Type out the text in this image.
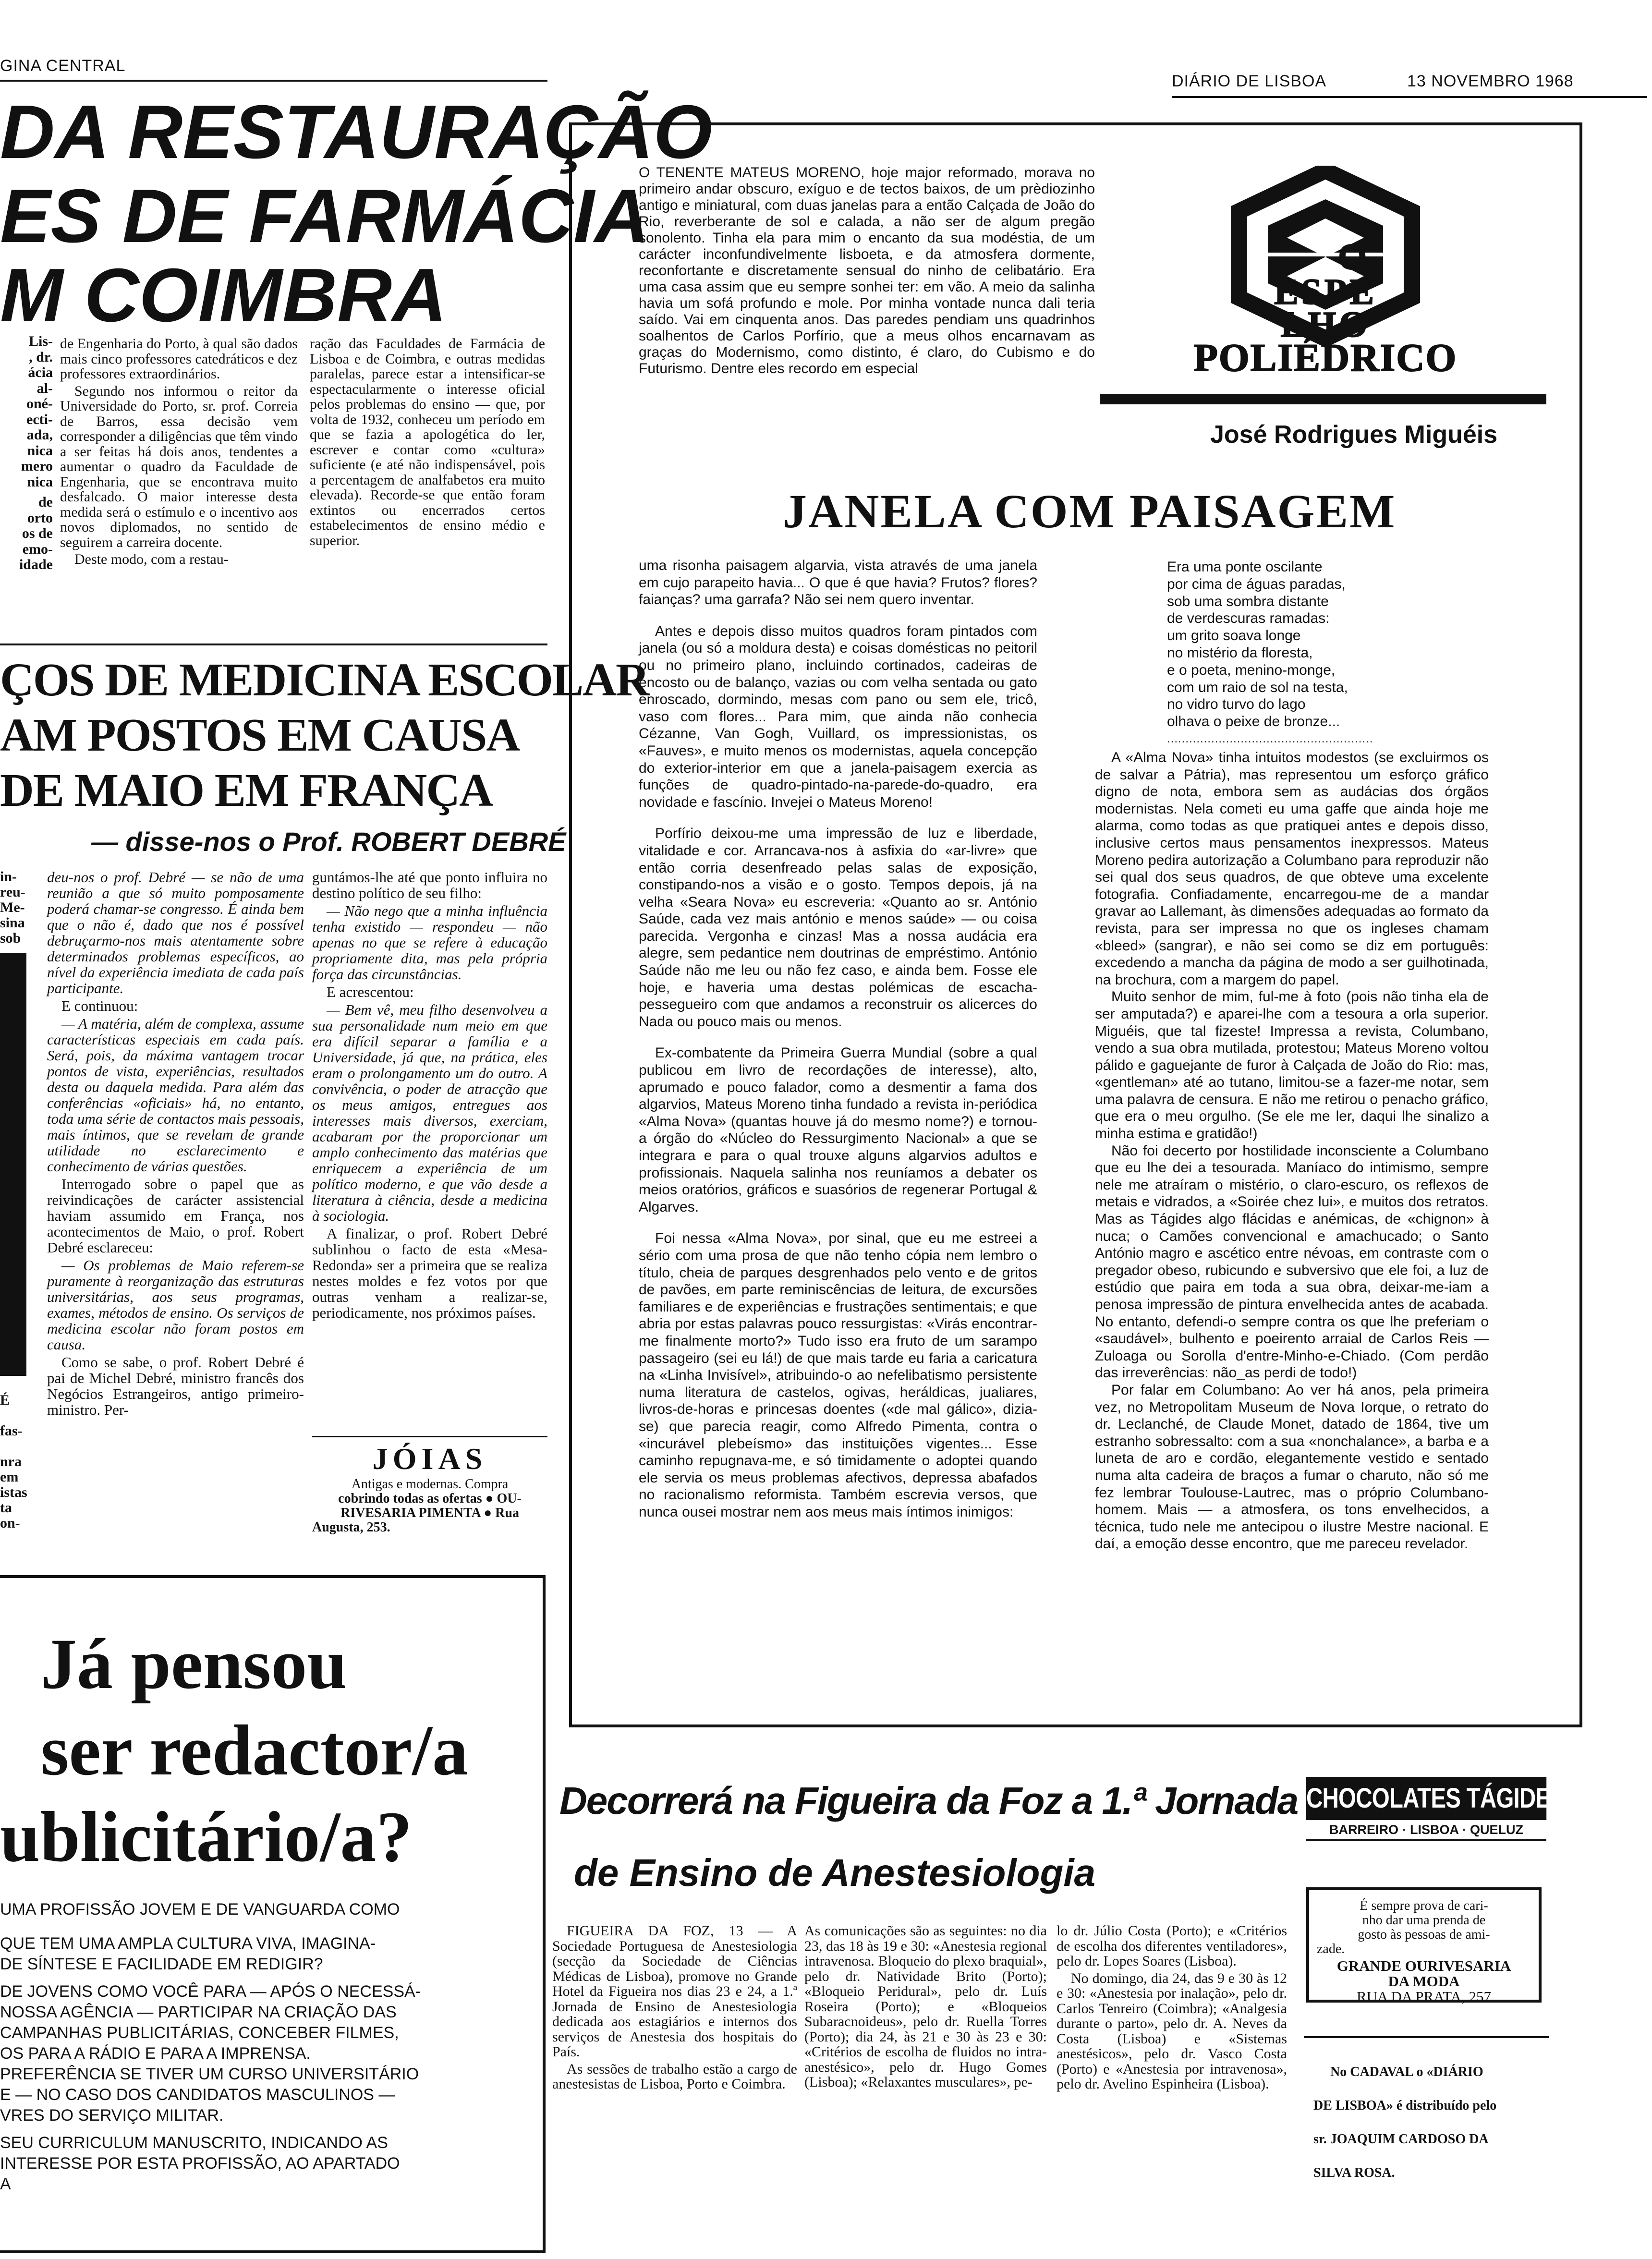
GINA CENTRAL
DIÁRIO DE LISBOA	13 NOVEMBRO 1968
DA RESTAURAÇÃO
ES DE FARMÁCIA
M COIMBRA
Lis-
, dr.
ácia
al-
oné-
ecti-
ada,
nica
mero
nica
de
orto
os de
emo-
idade

de Engenharia do Porto, à qual são dados mais cinco professores catedráticos e dez professores extraordinários.

Segundo nos informou o reitor da Universidade do Porto, sr. prof. Correia de Barros, essa decisão vem corresponder a diligências que têm vindo a ser feitas há dois anos, tendentes a aumentar o quadro da Faculdade de Engenharia, que se encontrava muito desfalcado. O maior interesse desta medida será o estímulo e o incentivo aos novos diplomados, no sentido de seguirem a carreira docente.

Deste modo, com a restau-

ração das Faculdades de Farmácia de Lisboa e de Coimbra, e outras medidas paralelas, parece estar a intensificar-se espectacularmente o interesse oficial pelos problemas do ensino — que, por volta de 1932, conheceu um período em que se fazia a apologética do ler, escrever e contar como «cultura» suficiente (e até não indispensável, pois a percentagem de analfabetos era muito elevada). Recorde-se que então foram extintos ou encerrados certos estabelecimentos de ensino médio e superior.

ÇOS DE MEDICINA ESCOLAR
AM POSTOS EM CAUSA
DE MAIO EM FRANÇA
— disse-nos o Prof. ROBERT DEBRÉ
in-
reu-
Me-
sina
sob
É
fas-
nra
em
istas
ta
on-

deu-nos o prof. Debré — se não de uma reunião a que só muito pomposamente poderá chamar-se congresso. É ainda bem que o não é, dado que nos é possível debruçarmo-nos mais atentamente sobre determinados problemas específicos, ao nível da experiência imediata de cada país participante.

E continuou:

— A matéria, além de complexa, assume características especiais em cada país. Será, pois, da máxima vantagem trocar pontos de vista, experiências, resultados desta ou daquela medida. Para além das conferências «oficiais» há, no entanto, toda uma série de contactos mais pessoais, mais íntimos, que se revelam de grande utilidade no esclarecimento e conhecimento de várias questões.

Interrogado sobre o papel que as reivindicações de carácter assistencial haviam assumido em França, nos acontecimentos de Maio, o prof. Robert Debré esclareceu:

— Os problemas de Maio referem-se puramente à reorganização das estruturas universitárias, aos seus programas, exames, métodos de ensino. Os serviços de medicina escolar não foram postos em causa.

Como se sabe, o prof. Robert Debré é pai de Michel Debré, ministro francês dos Negócios Estrangeiros, antigo primeiro-ministro. Per-

guntámos-lhe até que ponto influira no destino político de seu filho:

— Não nego que a minha influência tenha existido — respondeu — não apenas no que se refere à educação propriamente dita, mas pela própria força das circunstâncias.

E acrescentou:

— Bem vê, meu filho desenvolveu a sua personalidade num meio em que era difícil separar a família e a Universidade, já que, na prática, eles eram o prolongamento um do outro. A convivência, o poder de atracção que os meus amigos, entregues aos interesses mais diversos, exerciam, acabaram por the proporcionar um amplo conhecimento das matérias que enriquecem a experiência de um político moderno, e que vão desde a literatura à ciência, desde a medicina à sociologia.

A finalizar, o prof. Robert Debré sublinhou o facto de esta «Mesa-Redonda» ser a primeira que se realiza nestes moldes e fez votos por que outras venham a realizar-se, periodicamente, nos próximos países.

JÓIAS
Antigas e modernas. Compra
cobrindo todas as ofertas ● OU-
RIVESARIA PIMENTA ● Rua
Augusta, 253.
Já pensou
ser redactor/a
ublicitário/a?
UMA PROFISSÃO JOVEM E DE VANGUARDA COMO
QUE TEM UMA AMPLA CULTURA VIVA, IMAGINA-
DE SÍNTESE E FACILIDADE EM REDIGIR?
DE JOVENS COMO VOCÊ PARA — APÓS O NECESSÁ-
NOSSA AGÊNCIA — PARTICIPAR NA CRIAÇÃO DAS
CAMPANHAS PUBLICITÁRIAS, CONCEBER FILMES,
OS PARA A RÁDIO E PARA A IMPRENSA.
PREFERÊNCIA SE TIVER UM CURSO UNIVERSITÁRIO
E — NO CASO DOS CANDIDATOS MASCULINOS —
VRES DO SERVIÇO MILITAR.
SEU CURRICULUM MANUSCRITO, INDICANDO AS
INTERESSE POR ESTA PROFISSÃO, AO APARTADO
A

O TENENTE MATEUS MORENO, hoje major reformado, morava no primeiro andar obscuro, exíguo e de tectos baixos, de um prèdiozinho antigo e miniatural, com duas janelas para a então Calçada de João do Rio, reverberante de sol e calada, a não ser de algum pregão sonolento. Tinha ela para mim o encanto da sua modéstia, de um carácter inconfundivelmente lisboeta, e da atmosfera dormente, reconfortante e discretamente sensual do ninho de celibatário. Era uma casa assim que eu sempre sonhei ter: em vão. A meio da salinha havia um sofá profundo e mole. Por minha vontade nunca dali teria saído. Vai em cinquenta anos. Das paredes pendiam uns quadrinhos soalhentos de Carlos Porfírio, que a meus olhos encarnavam as graças do Modernismo, como distinto, é claro, do Cubismo e do Futurismo. Dentre eles recordo em especial

O
ESPE
LHO
POLIÉDRICO
José Rodrigues Miguéis
JANELA COM PAISAGEM

uma risonha paisagem algarvia, vista através de uma janela em cujo parapeito havia... O que é que havia? Frutos? flores? faianças? uma garrafa? Não sei nem quero inventar.

Antes e depois disso muitos quadros foram pintados com janela (ou só a moldura desta) e coisas domésticas no peitoril ou no primeiro plano, incluindo cortinados, cadeiras de encosto ou de balanço, vazias ou com velha sentada ou gato enroscado, dormindo, mesas com pano ou sem ele, tricô, vaso com flores... Para mim, que ainda não conhecia Cézanne, Van Gogh, Vuillard, os impressionistas, os «Fauves», e muito menos os modernistas, aquela concepção do exterior-interior em que a janela-paisagem exercia as funções de quadro-pintado-na-parede-do-quadro, era novidade e fascínio. Invejei o Mateus Moreno!

Porfírio deixou-me uma impressão de luz e liberdade, vitalidade e cor. Arrancava-nos à asfixia do «ar-livre» que então corria desenfreado pelas salas de exposição, constipando-nos a visão e o gosto. Tempos depois, já na velha «Seara Nova» eu escreveria: «Quanto ao sr. António Saúde, cada vez mais antónio e menos saúde» — ou coisa parecida. Vergonha e cinzas! Mas a nossa audácia era alegre, sem pedantice nem doutrinas de empréstimo. António Saúde não me leu ou não fez caso, e ainda bem. Fosse ele hoje, e haveria uma destas polémicas de escacha-pessegueiro com que andamos a reconstruir os alicerces do Nada ou pouco mais ou menos.

Ex-combatente da Primeira Guerra Mundial (sobre a qual publicou em livro de recordações de interesse), alto, aprumado e pouco falador, como a desmentir a fama dos algarvios, Mateus Moreno tinha fundado a revista in-periódica «Alma Nova» (quantas houve já do mesmo nome?) e tornou-a órgão do «Núcleo do Ressurgimento Nacional» a que se integrara e para o qual trouxe alguns algarvios adultos e profissionais. Naquela salinha nos reuníamos a debater os meios oratórios, gráficos e suasórios de regenerar Portugal & Algarves.

Foi nessa «Alma Nova», por sinal, que eu me estreei a sério com uma prosa de que não tenho cópia nem lembro o título, cheia de parques desgrenhados pelo vento e de gritos de pavões, em parte reminiscências de leitura, de excursões familiares e de experiências e frustrações sentimentais; e que abria por estas palavras pouco ressurgistas: «Virás encontrar-me finalmente morto?» Tudo isso era fruto de um sarampo passageiro (sei eu lá!) de que mais tarde eu faria a caricatura na «Linha Invisível», atribuindo-o ao nefelibatismo persistente numa literatura de castelos, ogivas, heráldicas, jualiares, livros-de-horas e princesas doentes («de mal gálico», dizia-se) que parecia reagir, como Alfredo Pimenta, contra o «incurável plebeísmo» das instituições vigentes... Esse caminho repugnava-me, e só timidamente o adoptei quando ele servia os meus problemas afectivos, depressa abafados no racionalismo reformista. Também escrevia versos, que nunca ousei mostrar nem aos meus mais íntimos inimigos:

Era uma ponte oscilante
por cima de águas paradas,
sob uma sombra distante
de verdescuras ramadas:
um grito soava longe
no mistério da floresta,
e o poeta, menino-monge,
com um raio de sol na testa,
no vidro turvo do lago
olhava o peixe de bronze...
........................................................

A «Alma Nova» tinha intuitos modestos (se excluirmos os de salvar a Pátria), mas representou um esforço gráfico digno de nota, embora sem as audácias dos órgãos modernistas. Nela cometi eu uma gaffe que ainda hoje me alarma, como todas as que pratiquei antes e depois disso, inclusive certos maus pensamentos inexpressos. Mateus Moreno pedira autorização a Columbano para reproduzir não sei qual dos seus quadros, de que obteve uma excelente fotografia. Confiadamente, encarregou-me de a mandar gravar ao Lallemant, às dimensões adequadas ao formato da revista, para ser impressa no que os ingleses chamam «bleed» (sangrar), e não sei como se diz em português: excedendo a mancha da página de modo a ser guilhotinada, na brochura, com a margem do papel.

Muito senhor de mim, ful-me à foto (pois não tinha ela de ser amputada?) e aparei-lhe com a tesoura a orla superior. Miguéis, que tal fizeste! Impressa a revista, Columbano, vendo a sua obra mutilada, protestou; Mateus Moreno voltou pálido e gaguejante de furor à Calçada de João do Rio: mas, «gentleman» até ao tutano, limitou-se a fazer-me notar, sem uma palavra de censura. E não me retirou o penacho gráfico, que era o meu orgulho. (Se ele me ler, daqui lhe sinalizo a minha estima e gratidão!)

Não foi decerto por hostilidade inconsciente a Columbano que eu lhe dei a tesourada. Maníaco do intimismo, sempre nele me atraíram o mistério, o claro-escuro, os reflexos de metais e vidrados, a «Soirée chez lui», e muitos dos retratos. Mas as Tágides algo flácidas e anémicas, de «chignon» à nuca; o Camões convencional e amachucado; o Santo António magro e ascético entre névoas, em contraste com o pregador obeso, rubicundo e subversivo que ele foi, a luz de estúdio que paira em toda a sua obra, deixar-me-iam a penosa impressão de pintura envelhecida antes de acabada. No entanto, defendi-o sempre contra os que lhe preferiam o «saudável», bulhento e poeirento arraial de Carlos Reis — Zuloaga ou Sorolla d'entre-Minho-e-Chiado. (Com perdão das irreverências: não_as perdi de todo!)

Por falar em Columbano: Ao ver há anos, pela primeira vez, no Metropolitam Museum de Nova Iorque, o retrato do dr. Leclanché, de Claude Monet, datado de 1864, tive um estranho sobressalto: com a sua «nonchalance», a barba e a luneta de aro e cordão, elegantemente vestido e sentado numa alta cadeira de braços a fumar o charuto, não só me fez lembrar Toulouse-Lautrec, mas o próprio Columbano-homem. Mais — a atmosfera, os tons envelhecidos, a técnica, tudo nele me antecipou o ilustre Mestre nacional. E daí, a emoção desse encontro, que me pareceu revelador.

Decorrerá na Figueira da Foz a 1.ª Jornada
de Ensino de Anestesiologia

FIGUEIRA DA FOZ, 13 — A Sociedade Portuguesa de Anestesiologia (secção da Sociedade de Ciências Médicas de Lisboa), promove no Grande Hotel da Figueira nos dias 23 e 24, a 1.ª Jornada de Ensino de Anestesiologia dedicada aos estagiários e internos dos serviços de Anestesia dos hospitais do País.

As sessões de trabalho estão a cargo de anestesistas de Lisboa, Porto e Coimbra.

As comunicações são as seguintes: no dia 23, das 18 às 19 e 30: «Anestesia regional intravenosa. Bloqueio do plexo braquial», pelo dr. Natividade Brito (Porto); «Bloqueio Peridural», pelo dr. Luís Roseira (Porto); e «Bloqueios Subaracnoideus», pelo dr. Ruella Torres (Porto); dia 24, às 21 e 30 às 23 e 30: «Critérios de escolha de fluidos no intra-anestésico», pelo dr. Hugo Gomes (Lisboa); «Relaxantes musculares», pe-

lo dr. Júlio Costa (Porto); e «Critérios de escolha dos diferentes ventiladores», pelo dr. Lopes Soares (Lisboa).

No domingo, dia 24, das 9 e 30 às 12 e 30: «Anestesia por inalação», pelo dr. Carlos Tenreiro (Coimbra); «Analgesia durante o parto», pelo dr. A. Neves da Costa (Lisboa) e «Sistemas anestésicos», pelo dr. Vasco Costa (Porto) e «Anestesia por intravenosa», pelo dr. Avelino Espinheira (Lisboa).

CHOCOLATES TÁGIDES
BARREIRO · LISBOA · QUELUZ
É sempre prova de cari-
nho dar uma prenda de
gosto às pessoas de ami-
zade.
GRANDE OURIVESARIA
DA MODA
RUA DA PRATA, 257
No CADAVAL o «DIÁRIO
DE LISBOA» é distribuído pelo
sr. JOAQUIM CARDOSO DA
SILVA ROSA.
